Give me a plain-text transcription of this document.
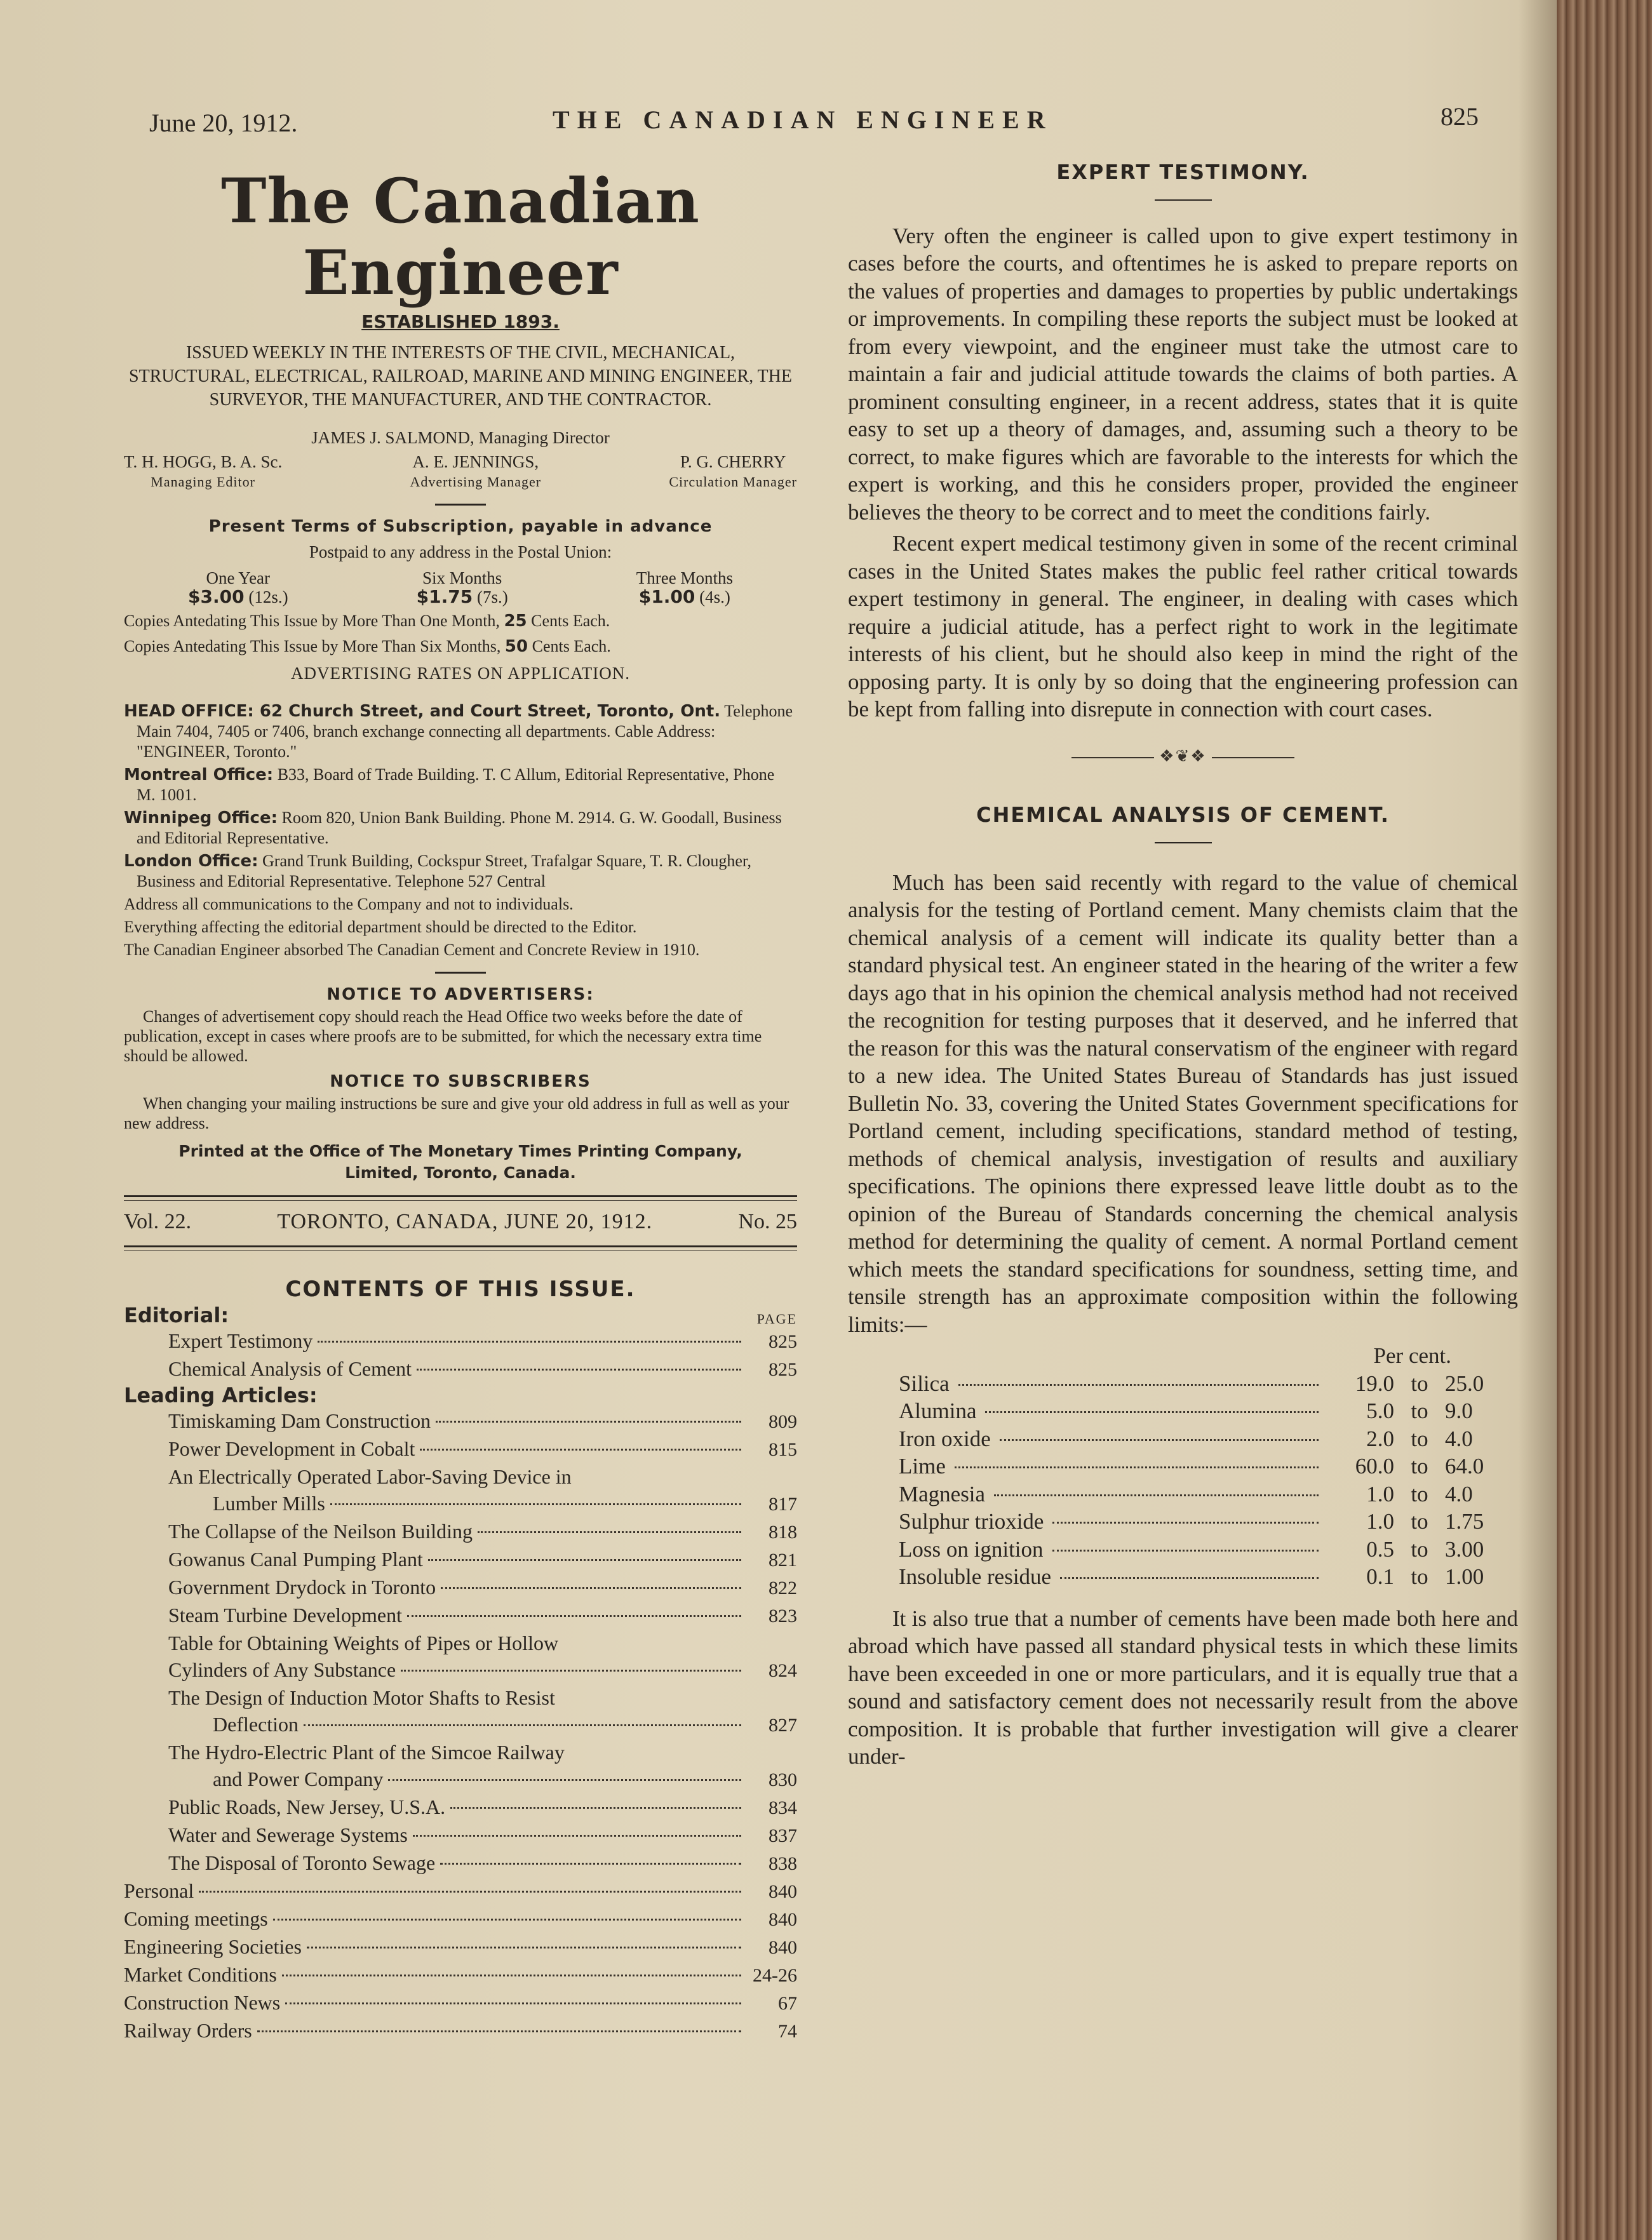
June 20, 1912.	THE CANADIAN ENGINEER	825
The Canadian Engineer
ESTABLISHED 1893.
ISSUED WEEKLY IN THE INTERESTS OF THE CIVIL, MECHANICAL, STRUCTURAL, ELECTRICAL, RAILROAD, MARINE AND MINING ENGINEER, THE SURVEYOR, THE MANUFACTURER, AND THE CONTRACTOR.
JAMES J. SALMOND, Managing Director
T. H. HOGG, B. A. Sc.
Managing Editor
A. E. JENNINGS,
Advertising Manager
P. G. CHERRY
Circulation Manager
Present Terms of Subscription, payable in advance
Postpaid to any address in the Postal Union:
One Year
$3.00 (12s.)
Six Months
$1.75 (7s.)
Three Months
$1.00 (4s.)
Copies Antedating This Issue by More Than One Month, 25 Cents Each.
Copies Antedating This Issue by More Than Six Months, 50 Cents Each.
ADVERTISING RATES ON APPLICATION.

HEAD OFFICE: 62 Church Street, and Court Street, Toronto, Ont. Telephone Main 7404, 7405 or 7406, branch exchange connecting all departments. Cable Address: "ENGINEER, Toronto."

Montreal Office: B33, Board of Trade Building. T. C Allum, Editorial Representative, Phone M. 1001.

Winnipeg Office: Room 820, Union Bank Building. Phone M. 2914. G. W. Goodall, Business and Editorial Representative.

London Office: Grand Trunk Building, Cockspur Street, Trafalgar Square, T. R. Clougher, Business and Editorial Representative. Telephone 527 Central

Address all communications to the Company and not to individuals.

Everything affecting the editorial department should be directed to the Editor.

The Canadian Engineer absorbed The Canadian Cement and Concrete Review in 1910.

NOTICE TO ADVERTISERS:
Changes of advertisement copy should reach the Head Office two weeks before the date of publication, except in cases where proofs are to be submitted, for which the necessary extra time should be allowed.
NOTICE TO SUBSCRIBERS
When changing your mailing instructions be sure and give your old address in full as well as your new address.
Printed at the Office of The Monetary Times Printing Company,
Limited, Toronto, Canada.
Vol. 22.	TORONTO, CANADA, JUNE 20, 1912.	No. 25
CONTENTS OF THIS ISSUE.
Editorial:	PAGE
Expert Testimony	825
Chemical Analysis of Cement	825
Leading Articles:
Timiskaming Dam Construction	809
Power Development in Cobalt	815
An Electrically Operated Labor-Saving Device in
Lumber Mills	817
The Collapse of the Neilson Building	818
Gowanus Canal Pumping Plant	821
Government Drydock in Toronto	822
Steam Turbine Development	823
Table for Obtaining Weights of Pipes or Hollow
Cylinders of Any Substance	824
The Design of Induction Motor Shafts to Resist
Deflection	827
The Hydro-Electric Plant of the Simcoe Railway
and Power Company	830
Public Roads, New Jersey, U.S.A.	834
Water and Sewerage Systems	837
The Disposal of Toronto Sewage	838
Personal	840
Coming meetings	840
Engineering Societies	840
Market Conditions	24-26
Construction News	67
Railway Orders	74
EXPERT TESTIMONY.

Very often the engineer is called upon to give expert testimony in cases before the courts, and oftentimes he is asked to prepare reports on the values of properties and damages to properties by public undertakings or improvements. In compiling these reports the subject must be looked at from every viewpoint, and the engineer must take the utmost care to maintain a fair and judicial attitude towards the claims of both parties. A prominent consulting engineer, in a recent address, states that it is quite easy to set up a theory of damages, and, assuming such a theory to be correct, to make figures which are favorable to the interests for which the expert is working, and this he considers proper, provided the engineer believes the theory to be correct and to meet the conditions fairly.

Recent expert medical testimony given in some of the recent criminal cases in the United States makes the public feel rather critical towards expert testimony in general. The engineer, in dealing with cases which require a judicial atitude, has a perfect right to work in the legitimate interests of his client, but he should also keep in mind the right of the opposing party. It is only by so doing that the engineering profession can be kept from falling into disrepute in connection with court cases.

❖❦❖
CHEMICAL ANALYSIS OF CEMENT.

Much has been said recently with regard to the value of chemical analysis for the testing of Portland cement. Many chemists claim that the chemical analysis of a cement will indicate its quality better than a standard physical test. An engineer stated in the hearing of the writer a few days ago that in his opinion the chemical analysis method had not received the recognition for testing purposes that it deserved, and he inferred that the reason for this was the natural conservatism of the engineer with regard to a new idea. The United States Bureau of Standards has just issued Bulletin No. 33, covering the United States Government specifications for Portland cement, including specifications, standard method of testing, methods of chemical analysis, investigation of results and auxiliary specifications. The opinions there expressed leave little doubt as to the opinion of the Bureau of Standards concerning the chemical analysis method for determining the quality of cement. A normal Portland cement which meets the standard specifications for soundness, setting time, and tensile strength has an approximate composition within the following limits:—

Per cent.
Silica	19.0 to 25.0
Alumina	5.0 to 9.0
Iron oxide	2.0 to 4.0
Lime	60.0 to 64.0
Magnesia	1.0 to 4.0
Sulphur trioxide	1.0 to 1.75
Loss on ignition	0.5 to 3.00
Insoluble residue	0.1 to 1.00

It is also true that a number of cements have been made both here and abroad which have passed all standard physical tests in which these limits have been exceeded in one or more particulars, and it is equally true that a sound and satisfactory cement does not necessarily result from the above composition. It is probable that further investigation will give a clearer under-
